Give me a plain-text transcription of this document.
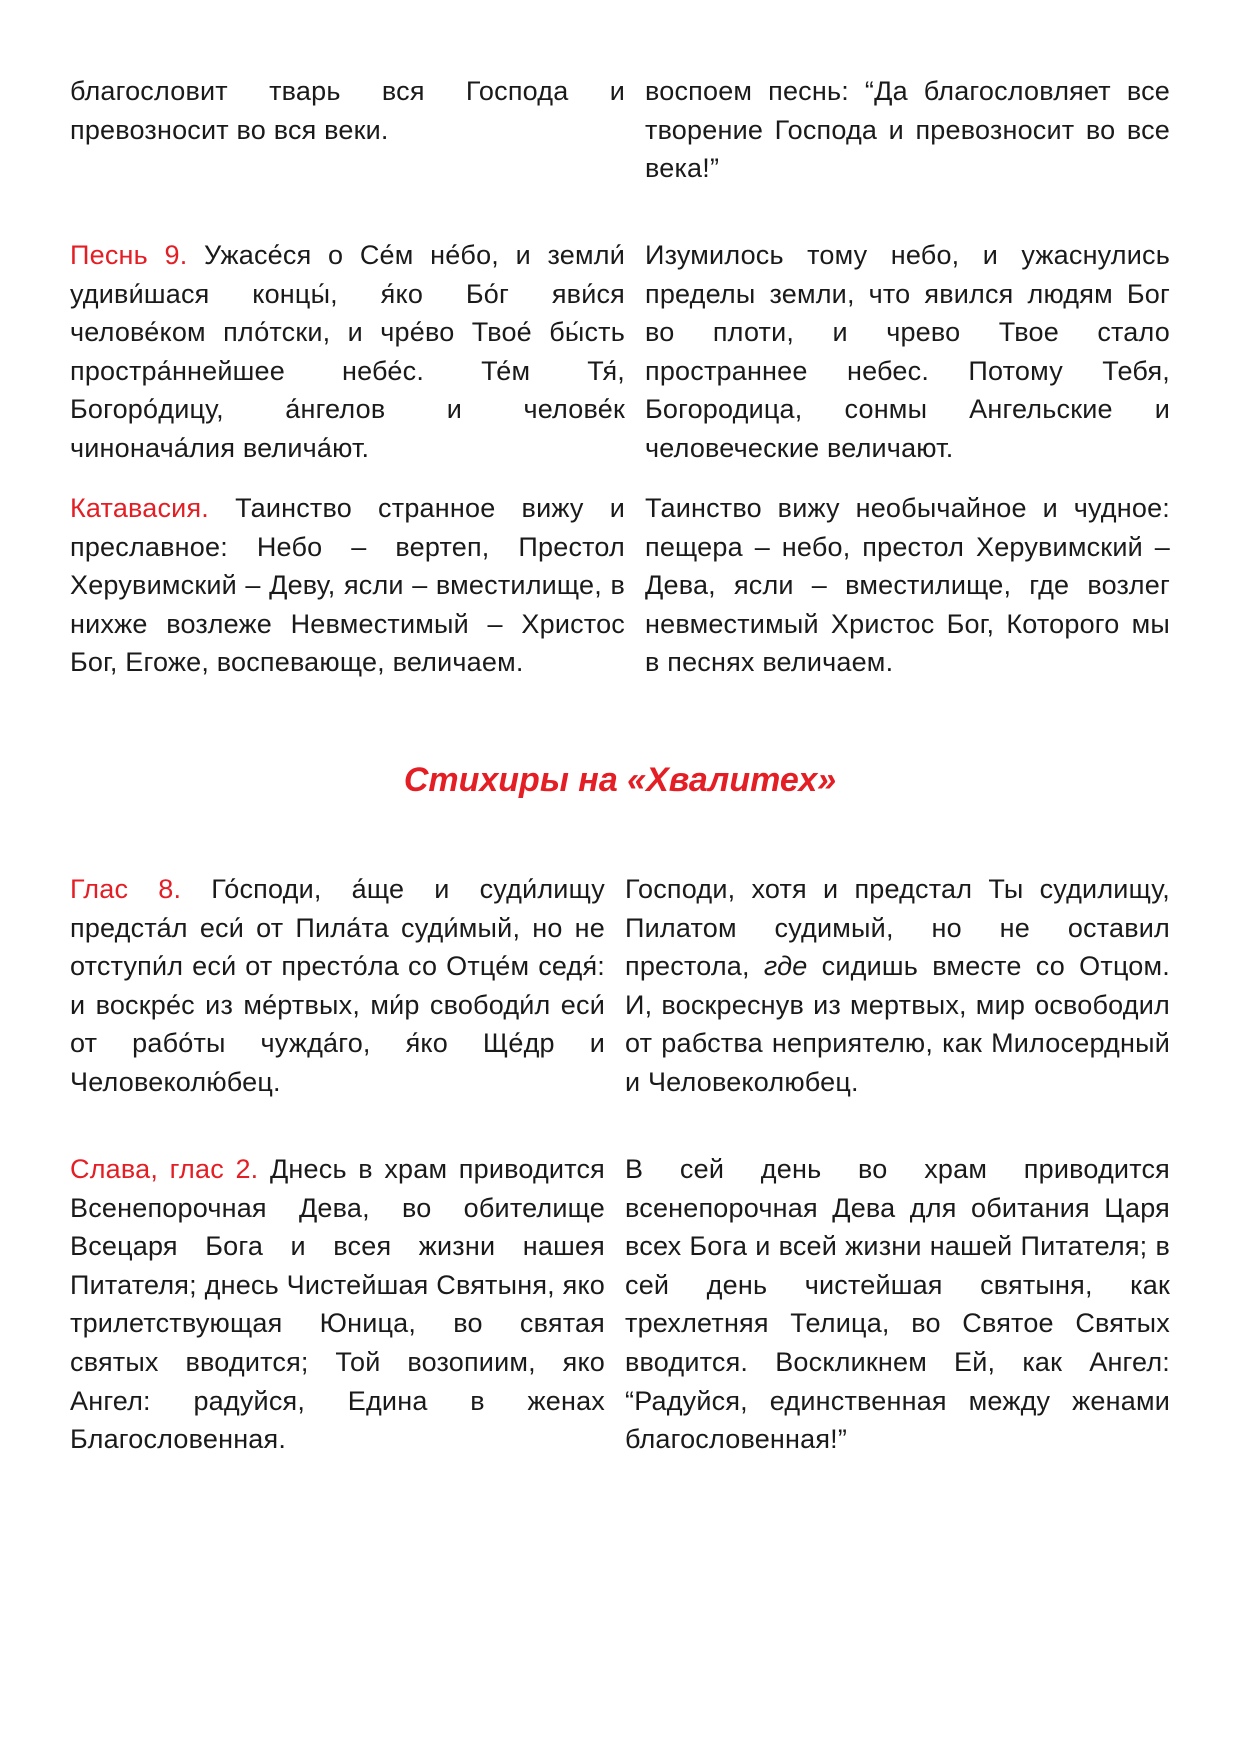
благословит тварь вся Господа и превозносит во вся веки.
воспоем песнь: “Да благословляет все творение Господа и превозносит во все века!”
Песнь 9. Ужасе́ся о Се́м не́бо, и земли́ удиви́шася концы́, я́ко Бо́г яви́ся челове́ком пло́тски, и чре́во Твое́ бы́сть простра́ннейшее небе́с. Те́м Тя́, Богоро́дицу, а́нгелов и челове́к чинонача́лия велича́ют.
Изумилось тому небо, и ужаснулись пределы земли, что явился людям Бог во плоти, и чрево Твое стало пространнее небес. Потому Тебя, Богородица, сонмы Ангельские и человеческие величают.
Катавасия. Таинство странное вижу и преславное: Небо – вертеп, Престол Херувимский – Деву, ясли – вместилище, в нихже возлеже Невместимый – Христос Бог, Егоже, воспевающе, величаем.
Таинство вижу необычайное и чудное: пещера – небо, престол Херувимский – Дева, ясли – вместилище, где возлег невместимый Христос Бог, Которого мы в песнях величаем.
Стихиры на «Хвалитех»
Глас 8. Го́споди, а́ще и суди́лищу предста́л еси́ от Пила́та суди́мый, но не отступи́л еси́ от престо́ла со Отце́м седя́: и воскре́с из ме́ртвых, ми́р свободи́л еси́ от рабо́ты чужда́го, я́ко Ще́др и Человеколю́бец.
Господи, хотя и предстал Ты судилищу, Пилатом судимый, но не оставил престола, где сидишь вместе со Отцом. И, воскреснув из мертвых, мир освободил от рабства неприятелю, как Милосердный и Человеколюбец.
Слава, глас 2. Днесь в храм приводится Всенепорочная Дева, во обителище Всецаря Бога и всея жизни нашея Питателя; днесь Чистейшая Святыня, яко трилетствующая Юница, во святая святых вводится; Той возопиим, яко Ангел: радуйся, Едина в женах Благословенная.
В сей день во храм приводится всенепорочная Дева для обитания Царя всех Бога и всей жизни нашей Питателя; в сей день чистейшая святыня, как трехлетняя Телица, во Святое Святых вводится. Воскликнем Ей, как Ангел: “Радуйся, единственная между женами благословенная!”
